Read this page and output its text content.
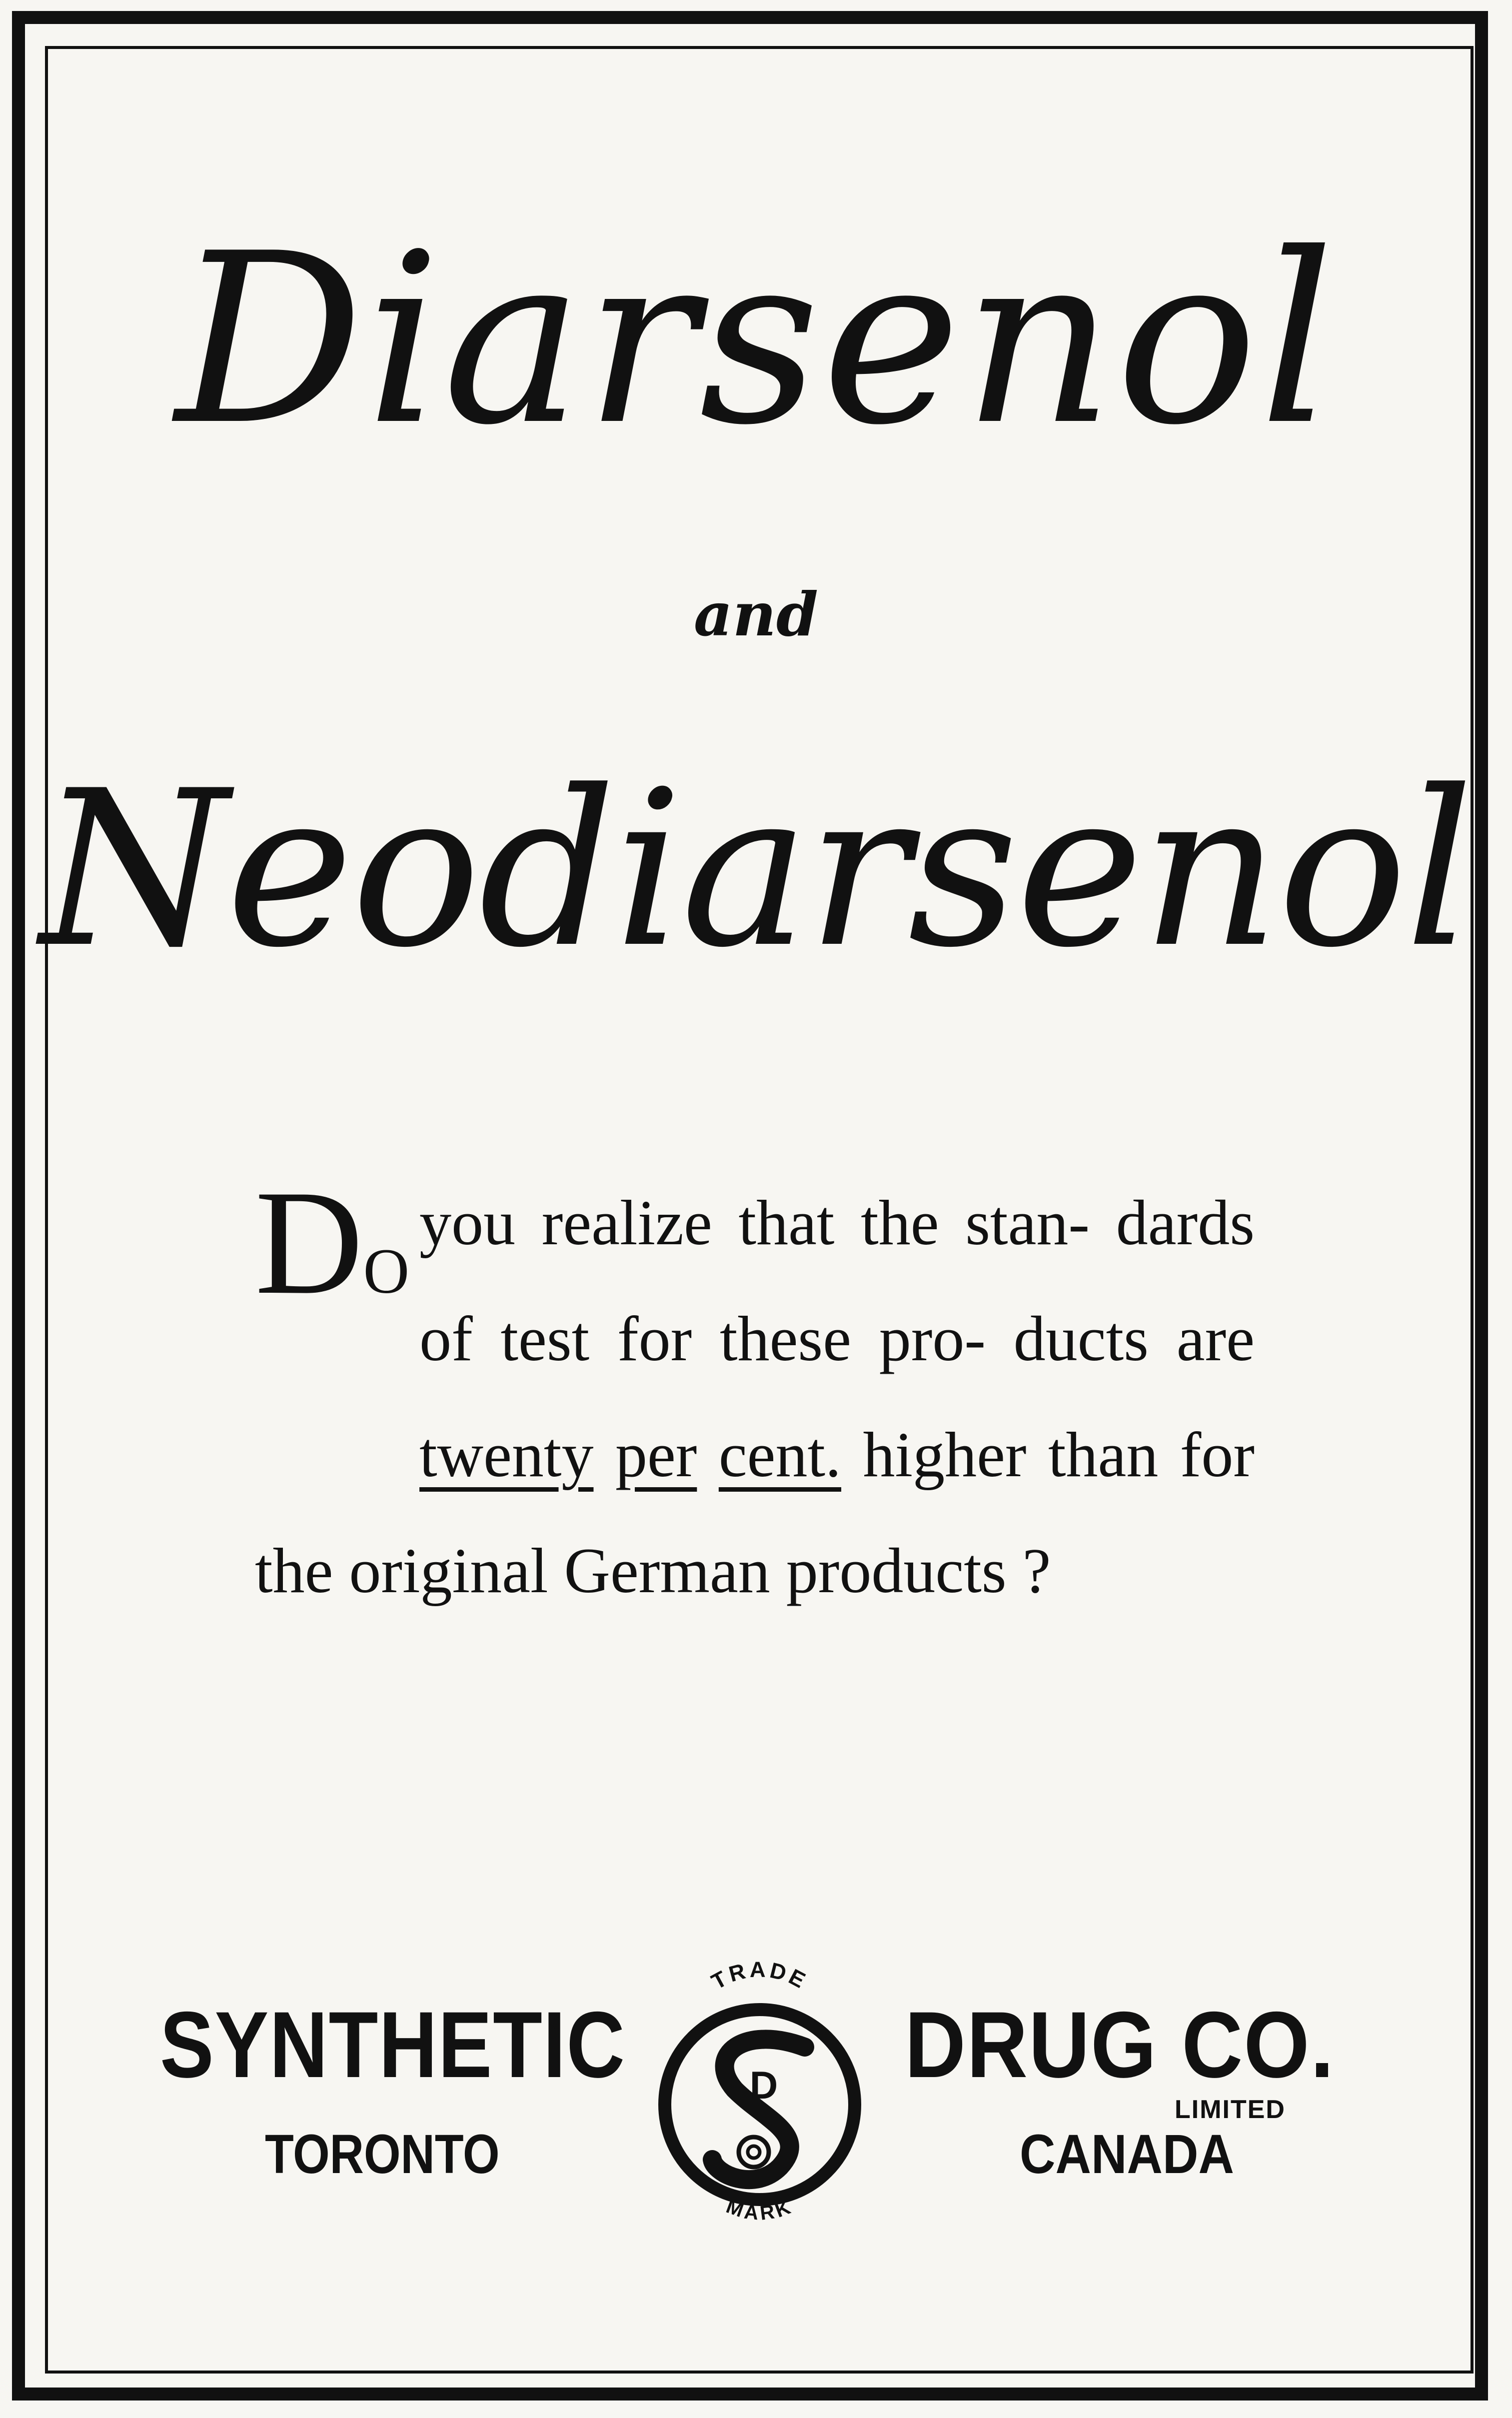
Diarsenol
and
Neodiarsenol
DO
you realize that the stan- dards of test for these pro- ducts are twenty per cent. higher than for the original German products ?
SYNTHETIC	DRUG CO.
LIMITED
TORONTO	CANADA
TRADE
D
MARK
